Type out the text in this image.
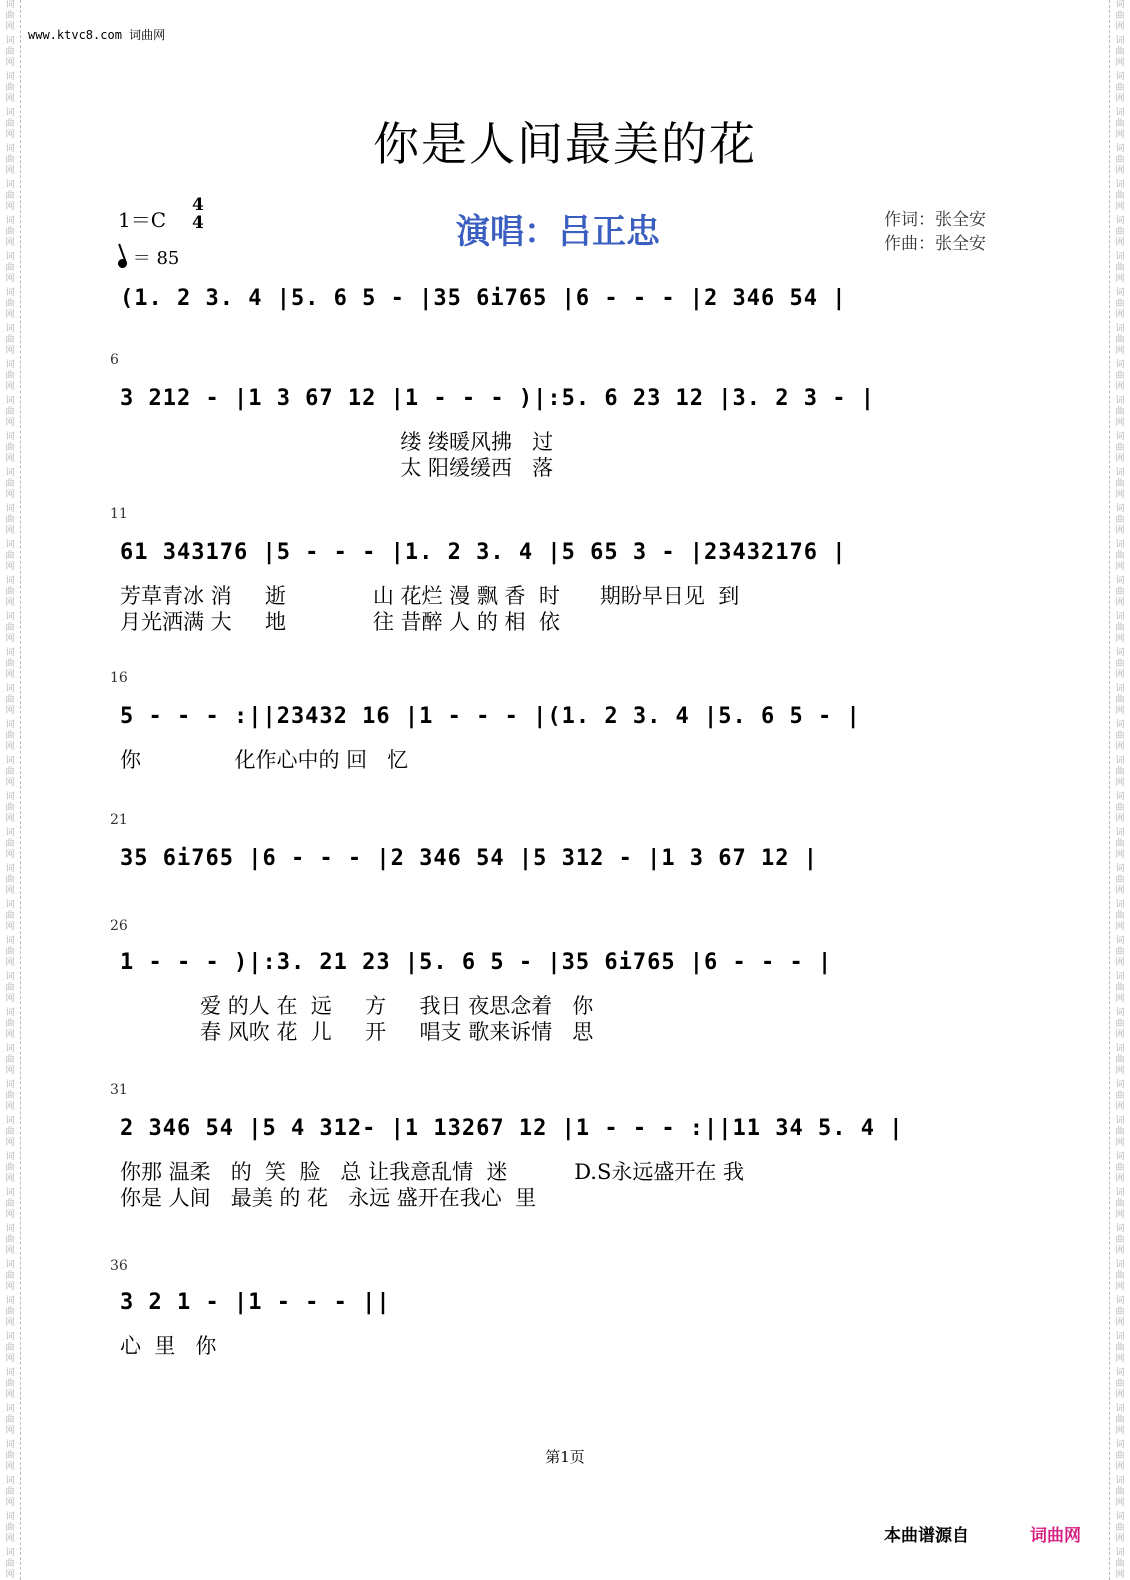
词
曲
网
词
曲
网
词
曲
网
词
曲
网
词
曲
网
词
曲
网
词
曲
网
词
曲
网
词
曲
网
词
曲
网
词
曲
网
词
曲
网
词
曲
网
词
曲
网
词
曲
网
词
曲
网
词
曲
网
词
曲
网
词
曲
网
词
曲
网
词
曲
网
词
曲
网
词
曲
网
词
曲
网
词
曲
网
词
曲
网
词
曲
网
词
曲
网
词
曲
网
词
曲
网
词
曲
网
词
曲
网
词
曲
网
词
曲
网
词
曲
网
词
曲
网
词
曲
网
词
曲
网
词
曲
网
词
曲
网
词
曲
网
词
曲
网
词
曲
网
词
曲
网
词
曲
网
词
曲
网
词
曲
网
词
曲
网
词
曲
网
词
曲
网
词
曲
网
词
曲
网
词
曲
网
词
曲
网
词
曲
网
词
曲
网
词
曲
网
词
曲
网
词
曲
网
词
曲
网
词
曲
网
词
曲
网
词
曲
网
词
曲
网
词
曲
网
词
曲
网
词
曲
网
词
曲
网
词
曲
网
词
曲
网
词
曲
网
词
曲
网
词
曲
网
词
曲
网
词
曲
网
词
曲
网
词
曲
网
词
曲
网
词
曲
网
词
曲
网
词
曲
网
词
曲
网
词
曲
网
词
曲
网
词
曲
网
词
曲
网
词
曲
网
词
曲
网
www.ktvc8.com 词曲网
你是人间最美的花
1＝C
4
4
＝ 85
演唱：吕正忠	作词：张全安
作曲：张全安
(1. 2 3. 4 |5. 6 5 - |35 6i765 |6 - - - |2 346 54 |
6
3 212 - |1 3 67 12 |1 - - - )|:5. 6 23 12 |3. 2 3 - |
缕 缕暖风拂   过
太 阳缓缓西   落
11
61 343176 |5 - - - |1. 2 3. 4 |5 65 3 - |23432176 |
芳草青冰 消     逝             山 花烂 漫 飘 香  时      期盼早日见  到
月光洒满 大     地             往 昔醉 人 的 相  依
16
5 - - - :||23432 16 |1 - - - |(1. 2 3. 4 |5. 6 5 - |
你              化作心中的 回   忆
21
35 6i765 |6 - - - |2 346 54 |5 312 - |1 3 67 12 |
26
1 - - - )|:3. 21 23 |5. 6 5 - |35 6i765 |6 - - - |
爱 的人 在  远     方     我日 夜思念着   你
春 风吹 花  儿     开     唱支 歌来诉情   思
31
2 346 54 |5 4 312- |1 13267 12 |1 - - - :||11 34 5. 4 |
你那 温柔   的  笑  脸   总 让我意乱情  迷          D.S永远盛开在 我
你是 人间   最美 的 花   永远 盛开在我心  里
36
3 2 1 - |1 - - - ||
心  里   你
第1页
本曲谱源自	词曲网
